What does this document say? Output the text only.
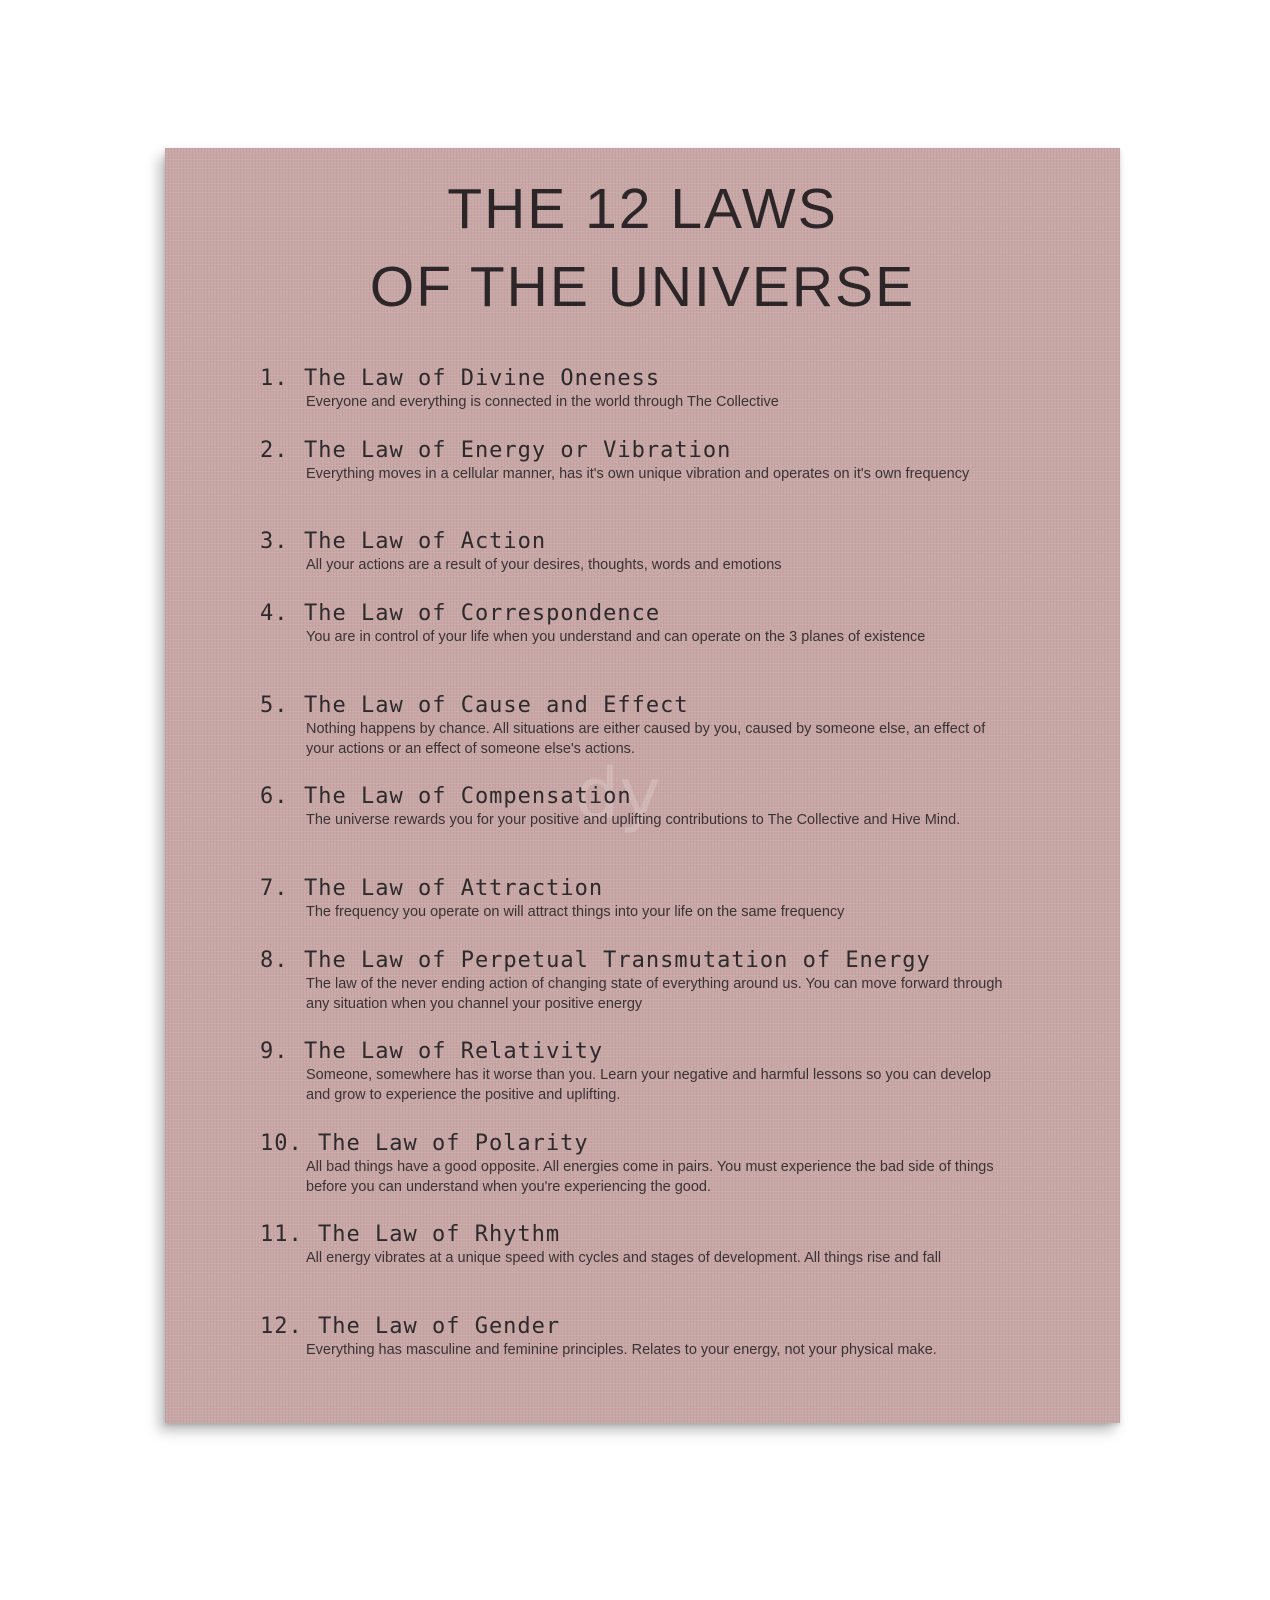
THE 12 LAWS
OF THE UNIVERSE
dy
1. The Law of Divine Oneness
Everyone and everything is connected in the world through The Collective
2. The Law of Energy or Vibration
Everything moves in a cellular manner, has it's own unique vibration and operates on it's own frequency
3. The Law of Action
All your actions are a result of your desires, thoughts, words and emotions
4. The Law of Correspondence
You are in control of your life when you understand and can operate on the 3 planes of existence
5. The Law of Cause and Effect
Nothing happens by chance. All situations are either caused by you, caused by someone else, an effect of your actions or an effect of someone else's actions.
6. The Law of Compensation
The universe rewards you for your positive and uplifting contributions to The Collective and Hive Mind.
7. The Law of Attraction
The frequency you operate on will attract things into your life on the same frequency
8. The Law of Perpetual Transmutation of Energy
The law of the never ending action of changing state of everything around us. You can move forward through any situation when you channel your positive energy
9. The Law of Relativity
Someone, somewhere has it worse than you. Learn your negative and harmful lessons so you can develop and grow to experience the positive and uplifting.
10. The Law of Polarity
All bad things have a good opposite. All energies come in pairs. You must experience the bad side of things before you can understand when you're experiencing the good.
11. The Law of Rhythm
All energy vibrates at a unique speed with cycles and stages of development. All things rise and fall
12. The Law of Gender
Everything has masculine and feminine principles. Relates to your energy, not your physical make.
